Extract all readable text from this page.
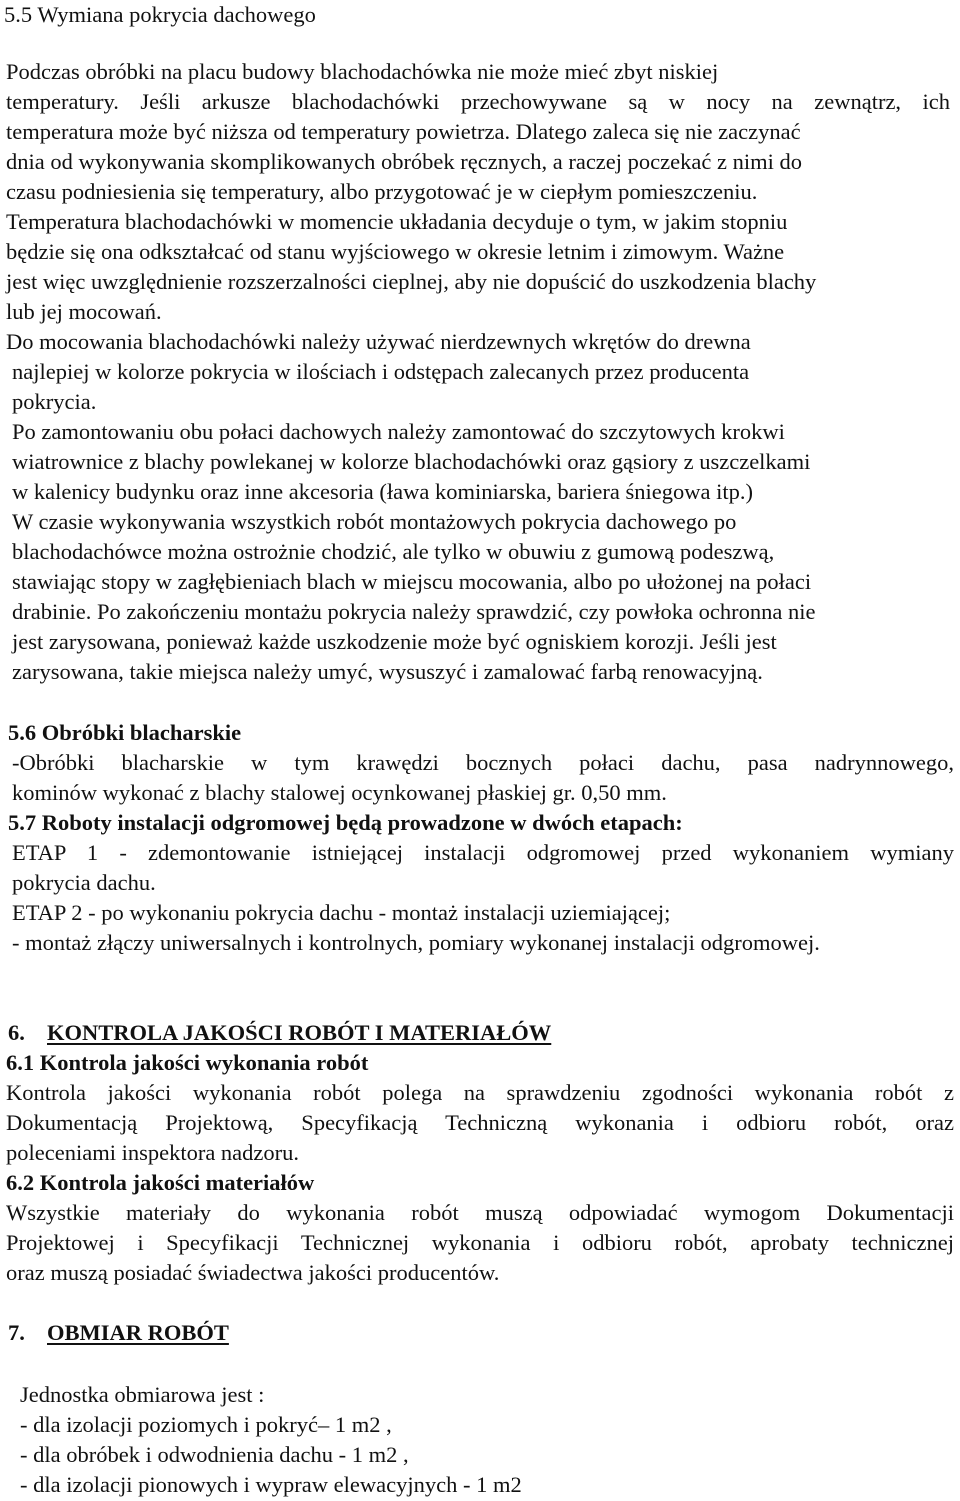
5.5 Wymiana pokrycia dachowego
Podczas obróbki na placu budowy blachodachówka nie może mieć zbyt niskiej
temperatury. Jeśli arkusze blachodachówki przechowywane są w nocy na zewnątrz, ich
temperatura może być niższa od temperatury powietrza. Dlatego zaleca się nie zaczynać
dnia od wykonywania skomplikowanych obróbek ręcznych, a raczej poczekać z nimi do
czasu podniesienia się temperatury, albo przygotować je w ciepłym pomieszczeniu.
Temperatura blachodachówki w momencie układania decyduje o tym, w jakim stopniu
będzie się ona odkształcać od stanu wyjściowego w okresie letnim i zimowym. Ważne
jest więc uwzględnienie rozszerzalności cieplnej, aby nie dopuścić do uszkodzenia blachy
lub jej mocowań.
Do mocowania blachodachówki należy używać nierdzewnych wkrętów do drewna
najlepiej w kolorze pokrycia w ilościach i odstępach zalecanych przez producenta
pokrycia.
Po zamontowaniu obu połaci dachowych należy zamontować do szczytowych krokwi
wiatrownice z blachy powlekanej w kolorze blachodachówki oraz gąsiory z uszczelkami
w kalenicy budynku oraz inne akcesoria (ława kominiarska, bariera śniegowa itp.)
W czasie wykonywania wszystkich robót montażowych pokrycia dachowego po
blachodachówce można ostrożnie chodzić, ale tylko w obuwiu z gumową podeszwą,
stawiając stopy w zagłębieniach blach w miejscu mocowania, albo po ułożonej na połaci
drabinie. Po zakończeniu montażu pokrycia należy sprawdzić, czy powłoka ochronna nie
jest zarysowana, ponieważ każde uszkodzenie może być ogniskiem korozji. Jeśli jest
zarysowana, takie miejsca należy umyć, wysuszyć i zamalować farbą renowacyjną.
5.6 Obróbki blacharskie
-Obróbki blacharskie w tym krawędzi bocznych połaci dachu, pasa nadrynnowego,
kominów wykonać z blachy stalowej ocynkowanej płaskiej gr. 0,50 mm.
5.7 Roboty instalacji odgromowej będą prowadzone w dwóch etapach:
ETAP 1 - zdemontowanie istniejącej instalacji odgromowej przed wykonaniem wymiany
pokrycia dachu.
ETAP 2 - po wykonaniu pokrycia dachu - montaż instalacji uziemiającej;
- montaż złączy uniwersalnych i kontrolnych, pomiary wykonanej instalacji odgromowej.
6. KONTROLA JAKOŚCI ROBÓT I MATERIAŁÓW
6.1 Kontrola jakości wykonania robót
Kontrola jakości wykonania robót polega na sprawdzeniu zgodności wykonania robót z
Dokumentacją Projektową, Specyfikacją Techniczną wykonania i odbioru robót, oraz
poleceniami inspektora nadzoru.
6.2 Kontrola jakości materiałów
Wszystkie materiały do wykonania robót muszą odpowiadać wymogom Dokumentacji
Projektowej i Specyfikacji Technicznej wykonania i odbioru robót, aprobaty technicznej
oraz muszą posiadać świadectwa jakości producentów.
7. OBMIAR ROBÓT
Jednostka obmiarowa jest :
- dla izolacji poziomych i pokryć– 1 m2 ,
- dla obróbek i odwodnienia dachu - 1 m2 ,
- dla izolacji pionowych i wypraw elewacyjnych - 1 m2
